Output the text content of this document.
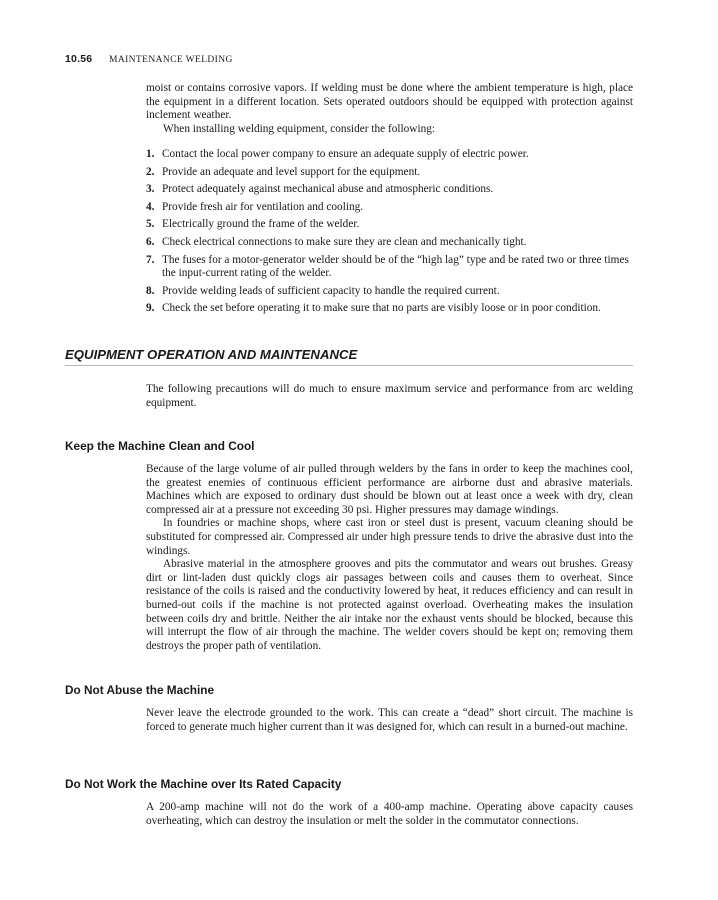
10.56 MAINTENANCE WELDING

moist or contains corrosive vapors. If welding must be done where the ambient temperature is high, place the equipment in a different location. Sets operated outdoors should be equipped with protection against inclement weather.

When installing welding equipment, consider the following:

1. Contact the local power company to ensure an adequate supply of electric power.
2. Provide an adequate and level support for the equipment.
3. Protect adequately against mechanical abuse and atmospheric conditions.
4. Provide fresh air for ventilation and cooling.
5. Electrically ground the frame of the welder.
6. Check electrical connections to make sure they are clean and mechanically tight.
7. The fuses for a motor-generator welder should be of the “high lag” type and be rated two or three times the input-current rating of the welder.
8. Provide welding leads of sufficient capacity to handle the required current.
9. Check the set before operating it to make sure that no parts are visibly loose or in poor condition.
EQUIPMENT OPERATION AND MAINTENANCE

The following precautions will do much to ensure maximum service and performance from arc welding equipment.

Keep the Machine Clean and Cool

Because of the large volume of air pulled through welders by the fans in order to keep the machines cool, the greatest enemies of continuous efficient performance are airborne dust and abrasive materials. Machines which are exposed to ordinary dust should be blown out at least once a week with dry, clean compressed air at a pressure not exceeding 30 psi. Higher pressures may damage windings.

In foundries or machine shops, where cast iron or steel dust is present, vacuum cleaning should be substituted for compressed air. Compressed air under high pressure tends to drive the abrasive dust into the windings.

Abrasive material in the atmosphere grooves and pits the commutator and wears out brushes. Greasy dirt or lint-laden dust quickly clogs air passages between coils and causes them to overheat. Since resistance of the coils is raised and the conductivity lowered by heat, it reduces efficiency and can result in burned-out coils if the machine is not protected against overload. Overheating makes the insulation between coils dry and brittle. Neither the air intake nor the exhaust vents should be blocked, because this will interrupt the flow of air through the machine. The welder covers should be kept on; removing them destroys the proper path of ventilation.

Do Not Abuse the Machine

Never leave the electrode grounded to the work. This can create a “dead” short circuit. The machine is forced to generate much higher current than it was designed for, which can result in a burned-out machine.

Do Not Work the Machine over Its Rated Capacity

A 200-amp machine will not do the work of a 400-amp machine. Operating above capacity causes overheating, which can destroy the insulation or melt the solder in the commutator connections.
